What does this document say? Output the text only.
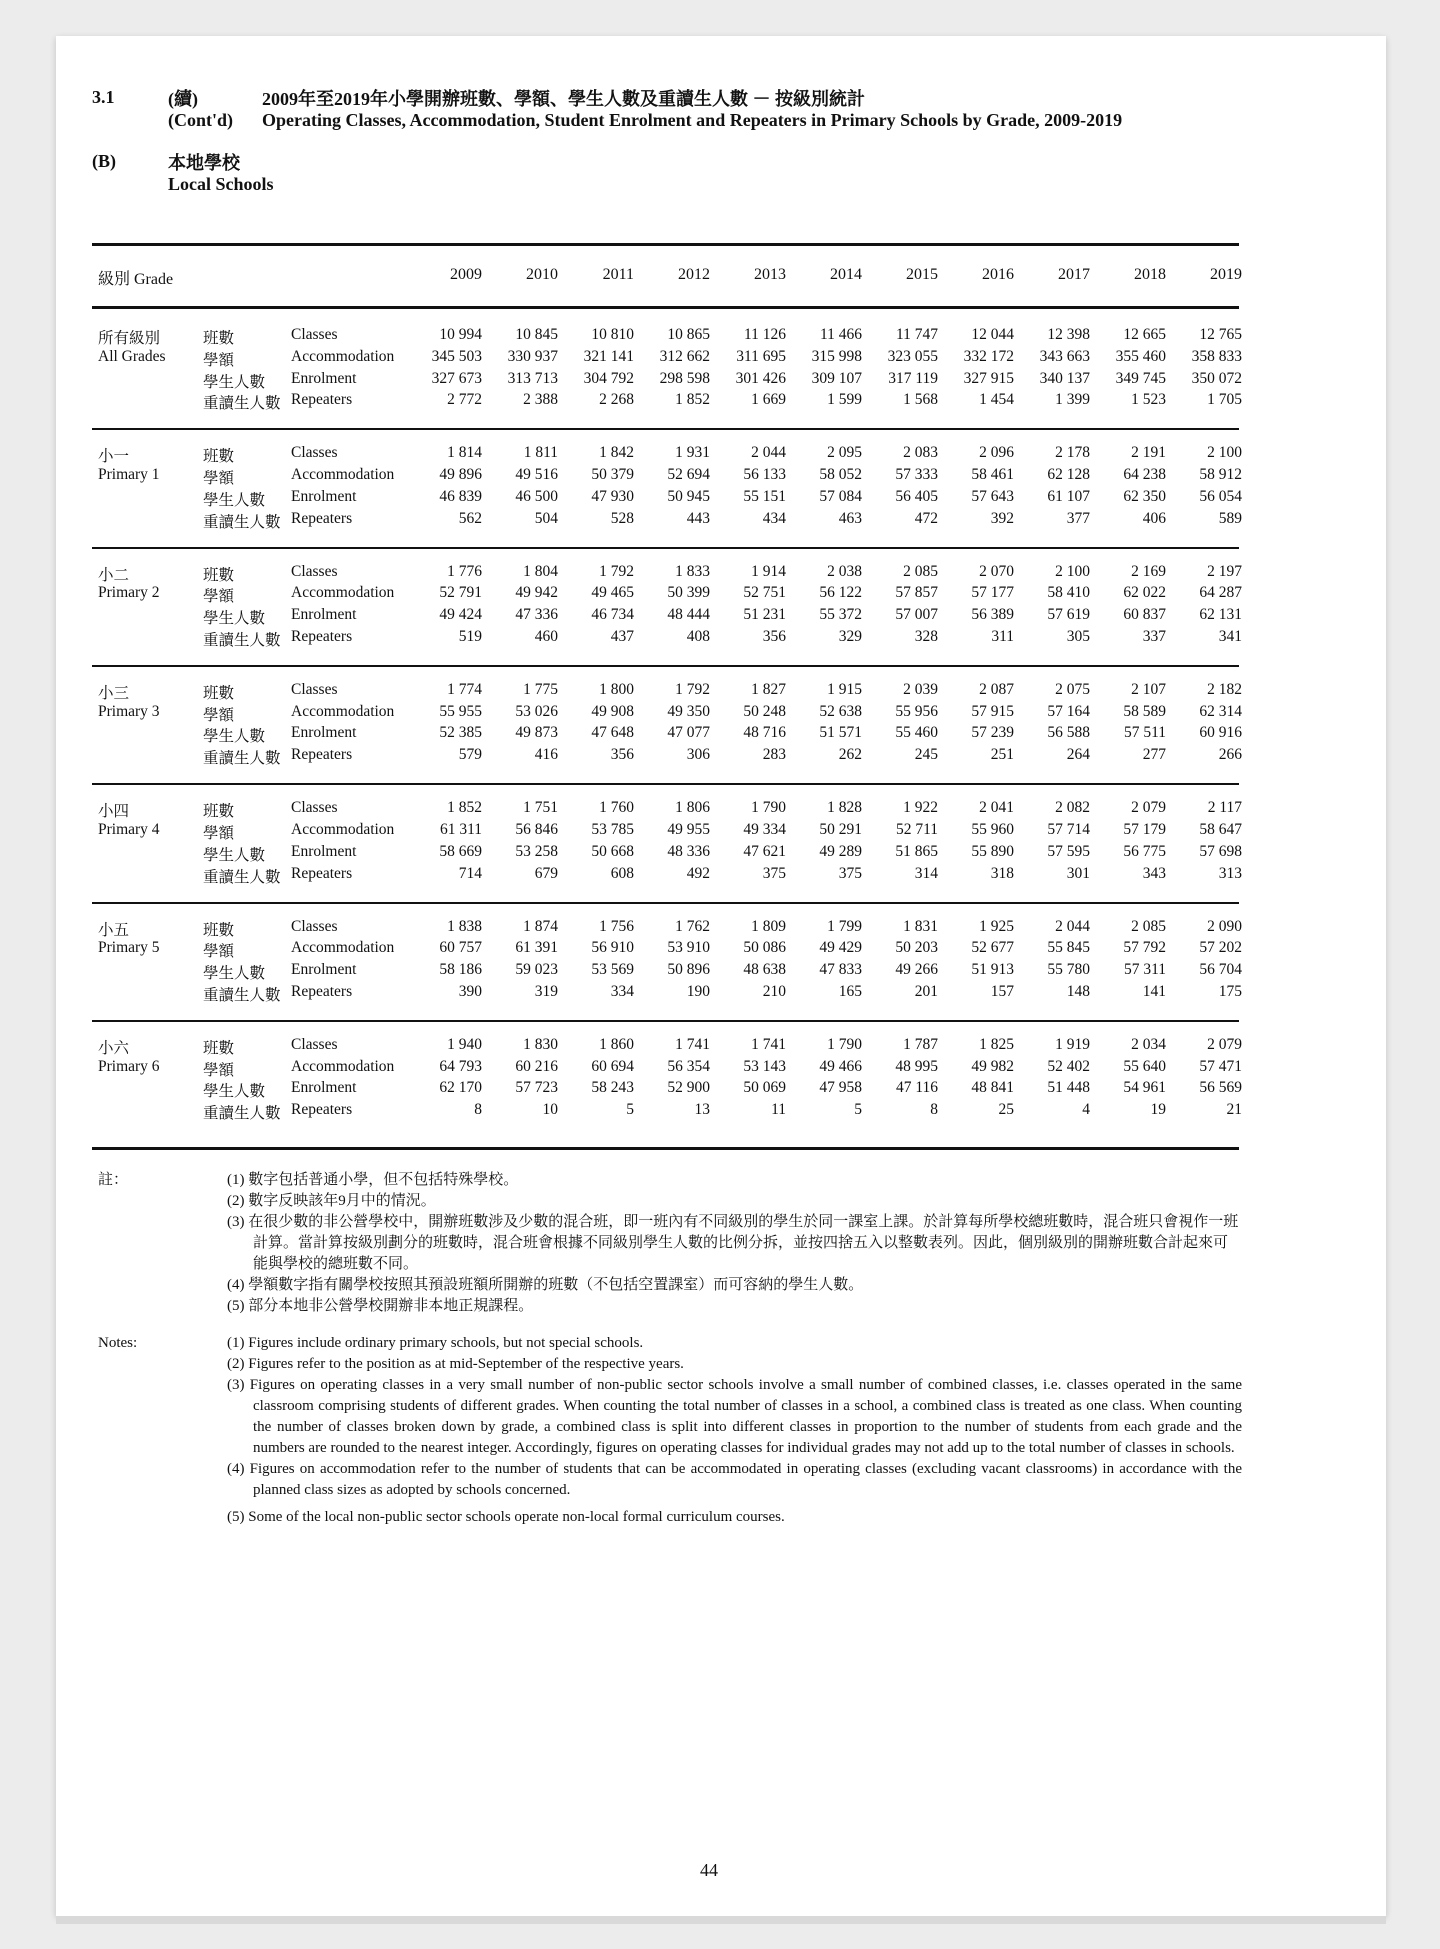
3.1	(續)	2009年至2019年小學開辦班數、學額、學生人數及重讀生人數 － 按級別統計
(Cont'd)	Operating Classes, Accommodation, Student Enrolment and Repeaters in Primary Schools by Grade, 2009-2019
(B)	本地學校
Local Schools
級別 Grade	2009	2010	2011	2012	2013	2014	2015	2016	2017	2018	2019
所有級別	班數	Classes	10 994	10 845	10 810	10 865	11 126	11 466	11 747	12 044	12 398	12 665	12 765
All Grades 學額	Accommodation	345 503	330 937	321 141	312 662	311 695	315 998	323 055	332 172	343 663	355 460	358 833
學生人數 Enrolment	327 673	313 713	304 792	298 598	301 426	309 107	317 119	327 915	340 137	349 745	350 072
重讀生人數 Repeaters	2 772	2 388	2 268	1 852	1 669	1 599	1 568	1 454	1 399	1 523	1 705
小一	班數	Classes	1 814	1 811	1 842	1 931	2 044	2 095	2 083	2 096	2 178	2 191	2 100
Primary 1	學額	Accommodation	49 896	49 516	50 379	52 694	56 133	58 052	57 333	58 461	62 128	64 238	58 912
學生人數 Enrolment	46 839	46 500	47 930	50 945	55 151	57 084	56 405	57 643	61 107	62 350	56 054
重讀生人數 Repeaters	562	504	528	443	434	463	472	392	377	406	589
小二	班數	Classes	1 776	1 804	1 792	1 833	1 914	2 038	2 085	2 070	2 100	2 169	2 197
Primary 2	學額	Accommodation	52 791	49 942	49 465	50 399	52 751	56 122	57 857	57 177	58 410	62 022	64 287
學生人數 Enrolment	49 424	47 336	46 734	48 444	51 231	55 372	57 007	56 389	57 619	60 837	62 131
重讀生人數 Repeaters	519	460	437	408	356	329	328	311	305	337	341
小三	班數	Classes	1 774	1 775	1 800	1 792	1 827	1 915	2 039	2 087	2 075	2 107	2 182
Primary 3	學額	Accommodation	55 955	53 026	49 908	49 350	50 248	52 638	55 956	57 915	57 164	58 589	62 314
學生人數 Enrolment	52 385	49 873	47 648	47 077	48 716	51 571	55 460	57 239	56 588	57 511	60 916
重讀生人數 Repeaters	579	416	356	306	283	262	245	251	264	277	266
小四	班數	Classes	1 852	1 751	1 760	1 806	1 790	1 828	1 922	2 041	2 082	2 079	2 117
Primary 4	學額	Accommodation	61 311	56 846	53 785	49 955	49 334	50 291	52 711	55 960	57 714	57 179	58 647
學生人數 Enrolment	58 669	53 258	50 668	48 336	47 621	49 289	51 865	55 890	57 595	56 775	57 698
重讀生人數 Repeaters	714	679	608	492	375	375	314	318	301	343	313
小五	班數	Classes	1 838	1 874	1 756	1 762	1 809	1 799	1 831	1 925	2 044	2 085	2 090
Primary 5	學額	Accommodation	60 757	61 391	56 910	53 910	50 086	49 429	50 203	52 677	55 845	57 792	57 202
學生人數 Enrolment	58 186	59 023	53 569	50 896	48 638	47 833	49 266	51 913	55 780	57 311	56 704
重讀生人數 Repeaters	390	319	334	190	210	165	201	157	148	141	175
小六	班數	Classes	1 940	1 830	1 860	1 741	1 741	1 790	1 787	1 825	1 919	2 034	2 079
Primary 6	學額	Accommodation	64 793	60 216	60 694	56 354	53 143	49 466	48 995	49 982	52 402	55 640	57 471
學生人數 Enrolment	62 170	57 723	58 243	52 900	50 069	47 958	47 116	48 841	51 448	54 961	56 569
重讀生人數 Repeaters	8	10	5	13	11	5	8	25	4	19	21
註：	(1) 數字包括普通小學，但不包括特殊學校。
(2) 數字反映該年9月中的情況。
(3) 在很少數的非公營學校中，開辦班數涉及少數的混合班，即一班內有不同級別的學生於同一課室上課。於計算每所學校總班數時，混合班只會視作一班計算。當計算按級別劃分的班數時，混合班會根據不同級別學生人數的比例分拆，並按四捨五入以整數表列。因此，個別級別的開辦班數合計起來可能與學校的總班數不同。
(4) 學額數字指有關學校按照其預設班額所開辦的班數（不包括空置課室）而可容納的學生人數。
(5) 部分本地非公營學校開辦非本地正規課程。
Notes:	(1) Figures include ordinary primary schools, but not special schools.
(2) Figures refer to the position as at mid-September of the respective years.
(3) Figures on operating classes in a very small number of non-public sector schools involve a small number of combined classes, i.e. classes operated in the same classroom comprising students of different grades. When counting the total number of classes in a school, a combined class is treated as one class. When counting the number of classes broken down by grade, a combined class is split into different classes in proportion to the number of students from each grade and the numbers are rounded to the nearest integer. Accordingly, figures on operating classes for individual grades may not add up to the total number of classes in schools.
(4) Figures on accommodation refer to the number of students that can be accommodated in operating classes (excluding vacant classrooms) in accordance with the planned class sizes as adopted by schools concerned.
(5) Some of the local non-public sector schools operate non-local formal curriculum courses.
44
